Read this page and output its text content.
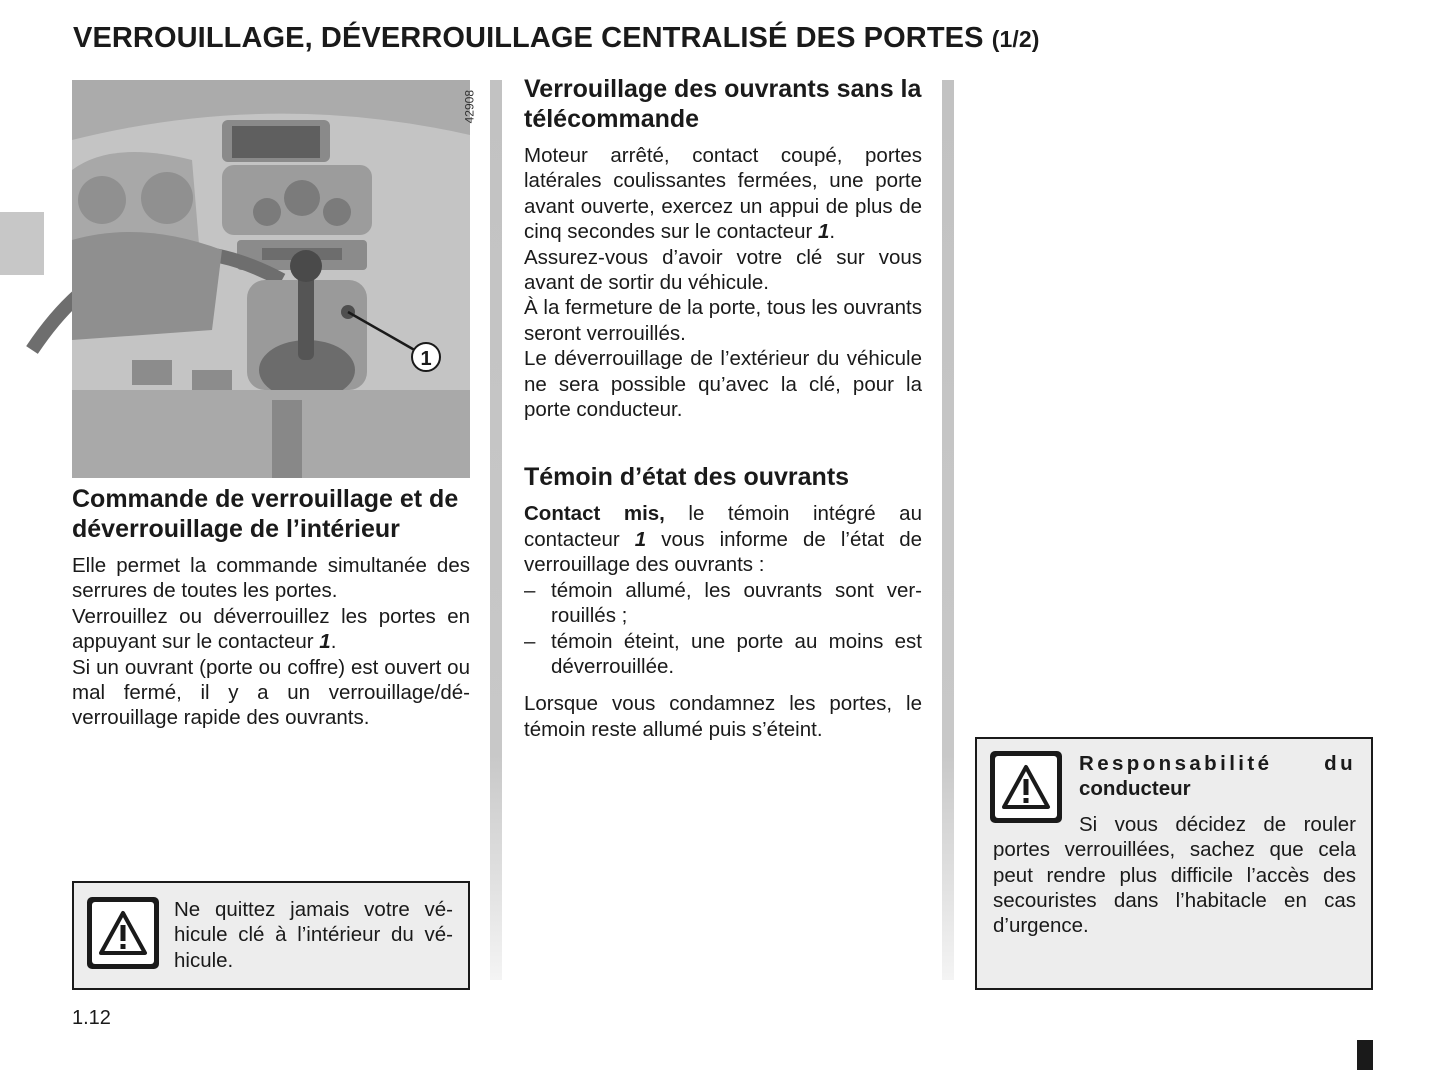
VERROUILLAGE, DÉVERROUILLAGE CENTRALISÉ DES PORTES (1/2)
1
42908
Commande de verrouillage et de déverrouillage de l’intérieur

Elle permet la commande simultanée des serrures de toutes les portes.

Verrouillez ou déverrouillez les portes en appuyant sur le contacteur 1.

Si un ouvrant (porte ou coffre) est ouvert ou mal fermé, il y a un verrouillage/déverrouillage rapide des ouvrants.

Ne quittez jamais votre véhicule clé à l’intérieur du véhicule.

Verrouillage des ouvrants sans la télécommande

Moteur arrêté, contact coupé, portes latérales coulissantes fermées, une porte avant ouverte, exercez un appui de plus de cinq secondes sur le contacteur 1.

Assurez-vous d’avoir votre clé sur vous avant de sortir du véhicule.

À la fermeture de la porte, tous les ouvrants seront verrouillés.

Le déverrouillage de l’extérieur du véhicule ne sera possible qu’avec la clé, pour la porte conducteur.

Témoin d’état des ouvrants

Contact mis, le témoin intégré au contacteur 1 vous informe de l’état de verrouillage des ouvrants :

– témoin allumé, les ouvrants sont verrouillés ;
– témoin éteint, une porte au moins est déverrouillée.

Lorsque vous condamnez les portes, le témoin reste allumé puis s’éteint.

Responsabilité du
conducteur

Si vous décidez de rouler portes verrouillées, sachez que cela peut rendre plus difficile l’accès des secouristes dans l’habitacle en cas d’urgence.

1.12
